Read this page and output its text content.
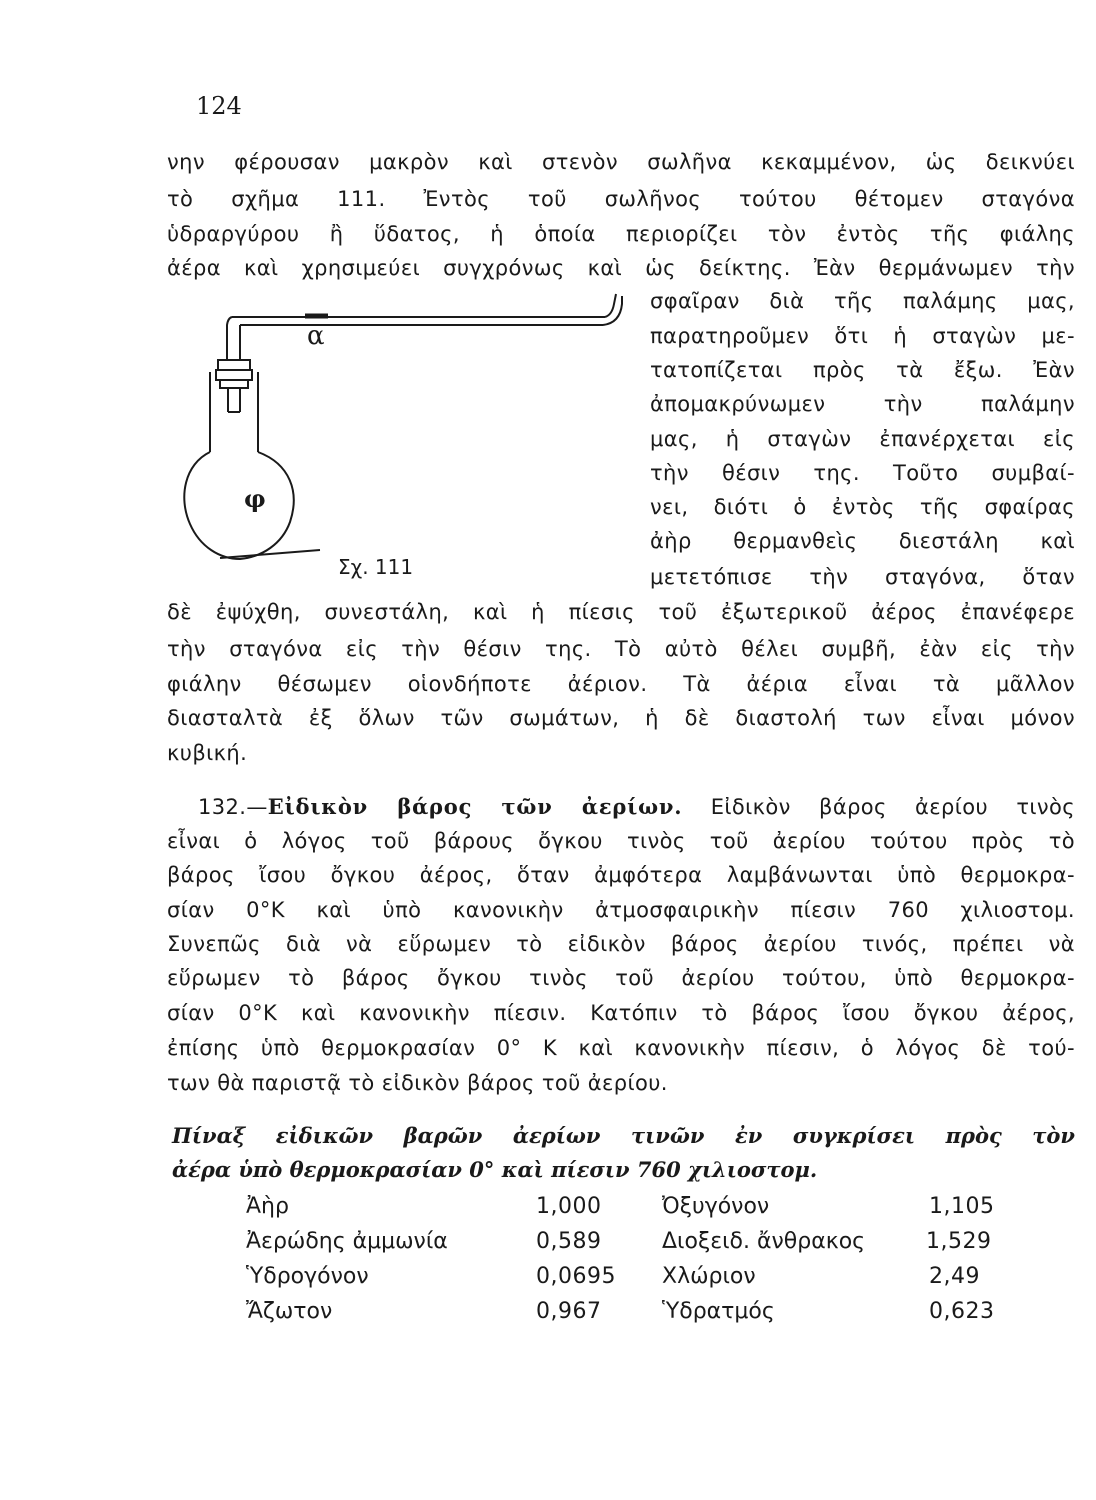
124
νην φέρουσαν μακρὸν καὶ στενὸν σωλῆνα κεκαμμένον, ὡς δεικνύει
τὸ σχῆμα 111. Ἐντὸς τοῦ σωλῆνος τούτου θέτομεν σταγόνα
ὑδραργύρου ἢ ὕδατος, ἡ ὁποία περιορίζει τὸν ἐντὸς τῆς φιάλης
ἀέρα καὶ χρησιμεύει συγχρόνως καὶ ὡς δείκτης. Ἐὰν θερμάνωμεν τὴν
σφαῖραν διὰ τῆς παλάμης μας,
παρατηροῦμεν ὅτι ἡ σταγὼν με-
τατοπίζεται πρὸς τὰ ἔξω. Ἐὰν
ἀπομακρύνωμεν τὴν παλάμην
μας, ἡ σταγὼν ἐπανέρχεται εἰς
τὴν θέσιν της. Τοῦτο συμβαί-
νει, διότι ὁ ἐντὸς τῆς σφαίρας
ἀὴρ θερμανθεὶς διεστάλη καὶ
μετετόπισε τὴν σταγόνα, ὅταν
α
φ
Σχ. 111
δὲ ἐψύχθη, συνεστάλη, καὶ ἡ πίεσις τοῦ ἐξωτερικοῦ ἀέρος ἐπανέφερε
τὴν σταγόνα εἰς τὴν θέσιν της. Τὸ αὐτὸ θέλει συμβῆ, ἐὰν εἰς τὴν
φιάλην θέσωμεν οἱονδήποτε ἀέριον. Τὰ ἀέρια εἶναι τὰ μᾶλλον
διασταλτὰ ἐξ ὅλων τῶν σωμάτων, ἡ δὲ διαστολή των εἶναι μόνον
κυβική.
132.—Εἰδικὸν βάρος τῶν ἀερίων. Εἰδικὸν βάρος ἀερίου τινὸς
εἶναι ὁ λόγος τοῦ βάρους ὄγκου τινὸς τοῦ ἀερίου τούτου πρὸς τὸ
βάρος ἴσου ὄγκου ἀέρος, ὅταν ἀμφότερα λαμβάνωνται ὑπὸ θερμοκρα-
σίαν 0°Κ καὶ ὑπὸ κανονικὴν ἀτμοσφαιρικὴν πίεσιν 760 χιλιοστομ.
Συνεπῶς διὰ νὰ εὕρωμεν τὸ εἰδικὸν βάρος ἀερίου τινός, πρέπει νὰ
εὕρωμεν τὸ βάρος ὄγκου τινὸς τοῦ ἀερίου τούτου, ὑπὸ θερμοκρα-
σίαν 0°Κ καὶ κανονικὴν πίεσιν. Κατόπιν τὸ βάρος ἴσου ὄγκου ἀέρος,
ἐπίσης ὑπὸ θερμοκρασίαν 0° Κ καὶ κανονικὴν πίεσιν, ὁ λόγος δὲ τού-
των θὰ παριστᾷ τὸ εἰδικὸν βάρος τοῦ ἀερίου.
Πίναξ εἰδικῶν βαρῶν ἀερίων τινῶν ἐν συγκρίσει πρὸς τὸν
ἀέρα ὑπὸ θερμοκρασίαν 0° καὶ πίεσιν 760 χιλιοστομ.
Ἀὴρ	1,000	Ὀξυγόνον	1,105
Ἀερώδης ἀμμωνία	0,589	Διοξειδ. ἄνθρακος	1,529
Ὑδρογόνον	0,0695 Χλώριον	2,49
Ἄζωτον	0,967	Ὑδρατμός	0,623
